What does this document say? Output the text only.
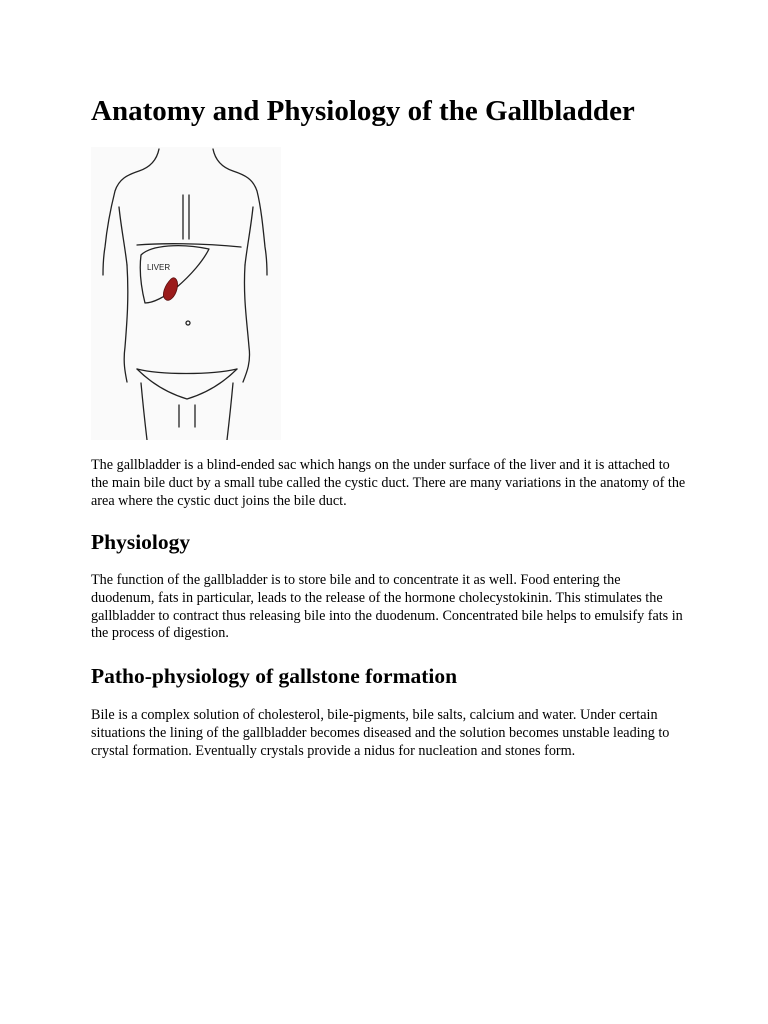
Anatomy and Physiology of the Gallbladder
LIVER

The gallbladder is a blind-ended sac which hangs on the under surface of the liver and it is attached to the main bile duct by a small tube called the cystic duct. There are many variations in the anatomy of the area where the cystic duct joins the bile duct.

Physiology

The function of the gallbladder is to store bile and to concentrate it as well. Food entering the duodenum, fats in particular, leads to the release of the hormone cholecystokinin. This stimulates the gallbladder to contract thus releasing bile into the duodenum. Concentrated bile helps to emulsify fats in the process of digestion.

Patho-physiology of gallstone formation

Bile is a complex solution of cholesterol, bile-pigments, bile salts, calcium and water. Under certain situations the lining of the gallbladder becomes diseased and the solution becomes unstable leading to crystal formation. Eventually crystals provide a nidus for nucleation and stones form.
